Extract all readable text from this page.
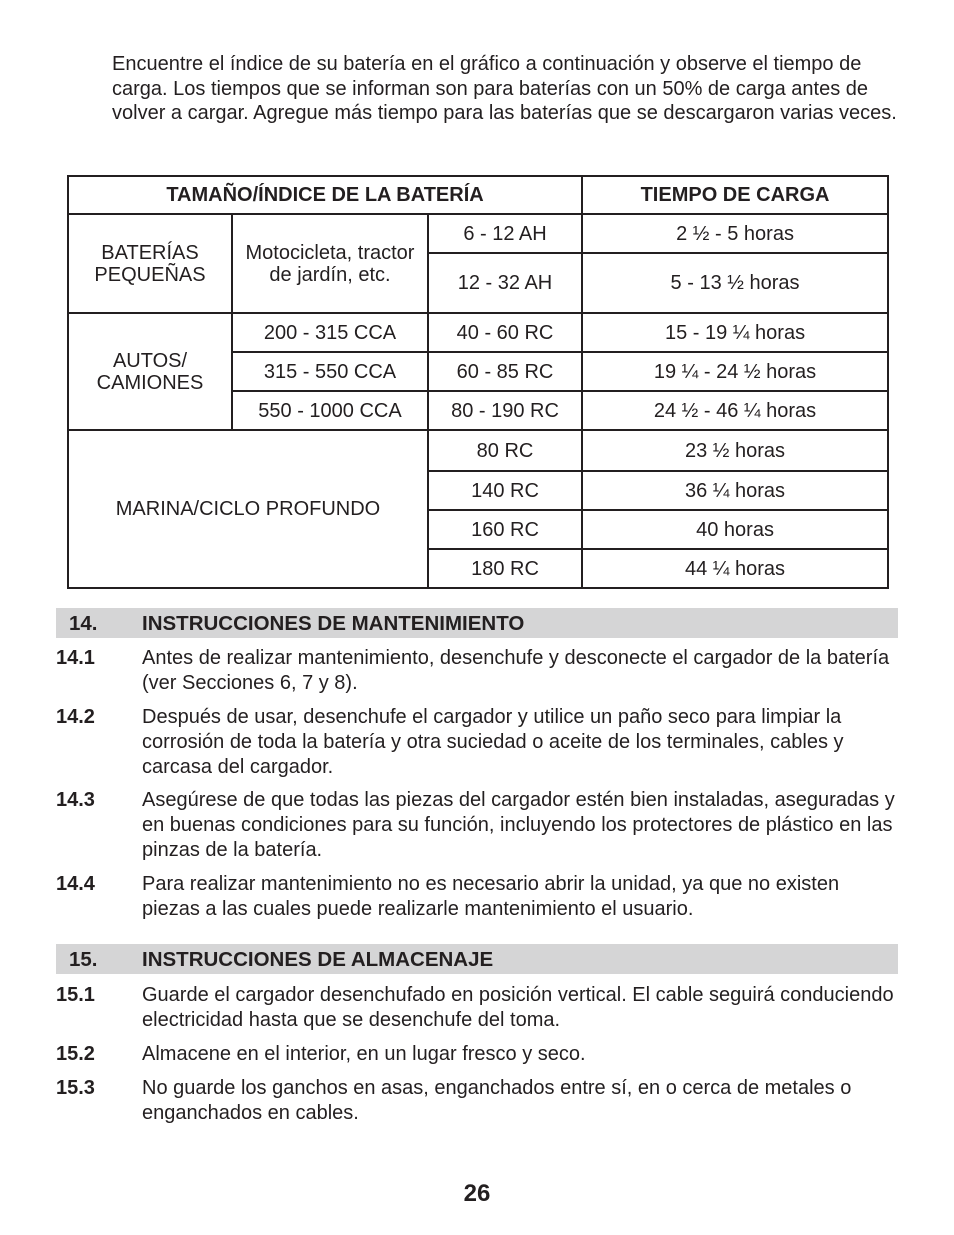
Encuentre el índice de su batería en el gráfico a continuación y observe el tiempo de carga. Los tiempos que se informan son para baterías con un 50% de carga antes de volver a cargar. Agregue más tiempo para las baterías que se descargaron varias veces.

TAMAÑO/ÍNDICE DE LA BATERÍA			TIEMPO DE CARGA
BATERÍAS PEQUEÑAS	Motocicleta, tractor de jardín, etc.	6 - 12 AH	2 ½ - 5 horas
		12 - 32 AH	5 - 13 ½ horas
AUTOS/ CAMIONES	200 - 315 CCA	40 - 60 RC	15 - 19 ¼ horas
	315 - 550 CCA	60 - 85 RC	19 ¼ - 24 ½ horas
	550 - 1000 CCA	80 - 190 RC	24 ½ - 46 ¼ horas
MARINA/CICLO PROFUNDO		80 RC	23 ½ horas
		140 RC	36 ¼ horas
		160 RC	40 horas
		180 RC	44 ¼ horas
14. INSTRUCCIONES DE MANTENIMIENTO
14.1 Antes de realizar mantenimiento, desenchufe y desconecte el cargador de la batería (ver Secciones 6, 7 y 8).
14.2 Después de usar, desenchufe el cargador y utilice un paño seco para limpiar la corrosión de toda la batería y otra suciedad o aceite de los terminales, cables y carcasa del cargador.
14.3 Asegúrese de que todas las piezas del cargador estén bien instaladas, aseguradas y en buenas condiciones para su función, incluyendo los protectores de plástico en las pinzas de la batería.
14.4 Para realizar mantenimiento no es necesario abrir la unidad, ya que no existen piezas a las cuales puede realizarle mantenimiento el usuario.
15. INSTRUCCIONES DE ALMACENAJE
15.1 Guarde el cargador desenchufado en posición vertical. El cable seguirá conduciendo electricidad hasta que se desenchufe del toma.
15.2 Almacene en el interior, en un lugar fresco y seco.
15.3 No guarde los ganchos en asas, enganchados entre sí, en o cerca de metales o enganchados en cables.
26
